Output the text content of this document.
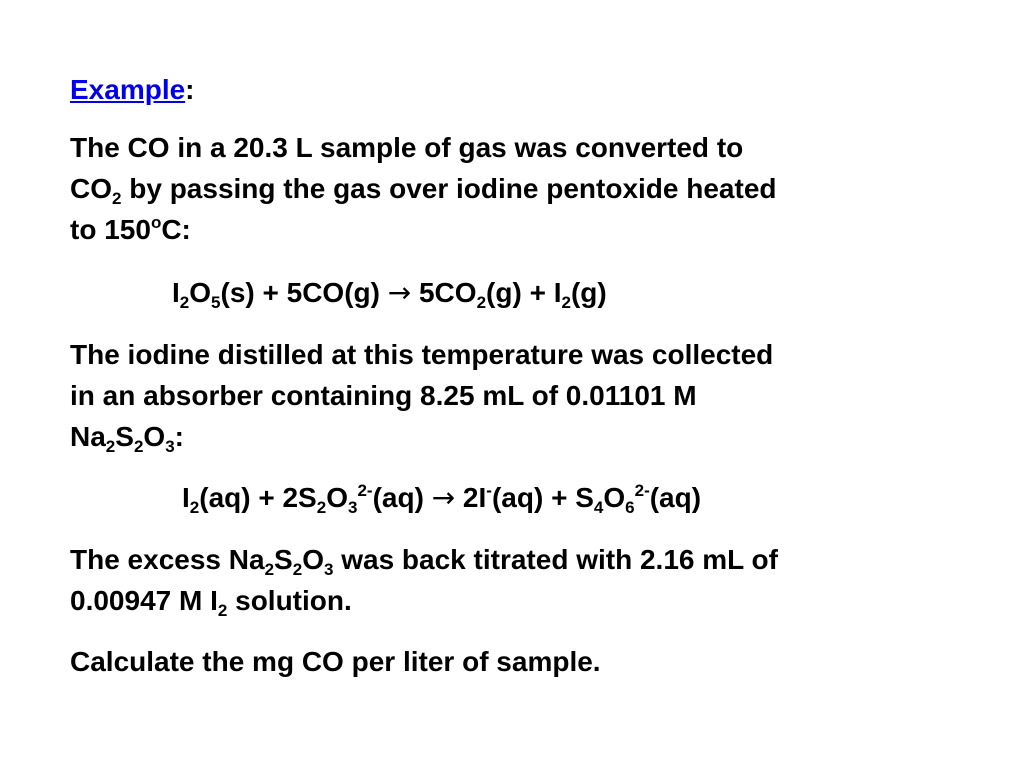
Example:
The CO in a 20.3 L sample of gas was converted to
$CO_2$ by passing the gas over iodine pentoxide heated
to 150$^o$C:
$I_2O_5(s) + 5CO(g) \to 5CO_2(g) + I_2(g)$
The iodine distilled at this temperature was collected
in an absorber containing 8.25 mL of 0.01101 M
$Na_2S_2O_3$:
$I_2(aq) + 2S_2O_3^{2-}(aq) \to 2I^-(aq) + S_4O_6^{2-}(aq)$
The excess $Na_2S_2O_3$ was back titrated with 2.16 mL of
0.00947 M $I_2$ solution.
Calculate the mg CO per liter of sample.
